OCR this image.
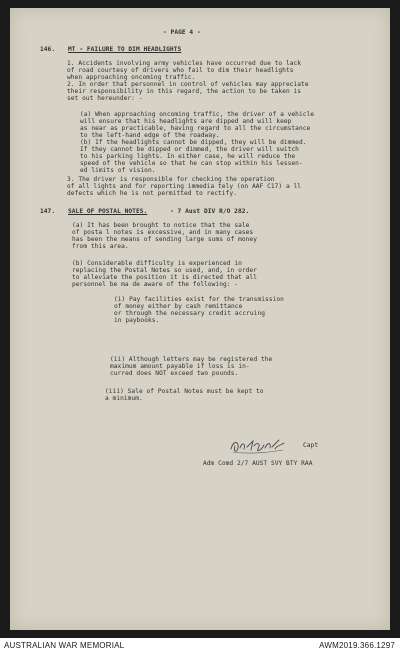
- PAGE 4 -
146. MT - FAILURE TO DIM HEADLIGHTS
1. Accidents involving army vehicles have occurred due to lack
of road courtesy of drivers who fail to dim their headlights
when approaching oncoming traffic.
2. In order that personnel in control of vehicles may appreciate
their responsibility in this regard, the action to be taken is
set out hereunder: -
(a) When approaching oncoming traffic, the driver of a vehicle
will ensure that his headlights are dipped and will keep
as near as practicable, having regard to all the circumstance
to the left-hand edge of the roadway.
(b) If the headlights cannot be dipped, they will be dimmed.
If they cannot be dipped or dimmed, the driver will switch
to his parking lights. In either case, he will reduce the
speed of the vehicle so that he can stop within his lessen-
ed limits of vision.
3. The driver is responsible for checking the operation
of all lights and for reporting immedia tely (on AAF C17) a ll
defects which he is not permitted to rectify.
147. SALE OF POSTAL NOTES.	- 7 Aust DIV R/O 282.
(a) It has been brought to notice that the sale
of posta l notes is excessive, and in many cases
has been the means of sending large sums of money
from this area.
(b) Considerable difficulty is experienced in
replacing the Postal Notes so used, and, in order
to alleviate the position it is directed that all
personnel be ma de aware of the following: -
(i) Pay facilities exist for the transmission
of money either by cash remittance
or through the necessary credit accruing
in paybooks.
(ii) Although letters may be registered the
maximum amount payable if loss is in-
curred does NOT exceed two pounds.
(iii) Sale of Postal Notes must be kept to
a minimum.
Capt
Adm Comd 2/7 AUST SVY BTY RAA
AUSTRALIAN WAR MEMORIAL	AWM2019.366.1297
